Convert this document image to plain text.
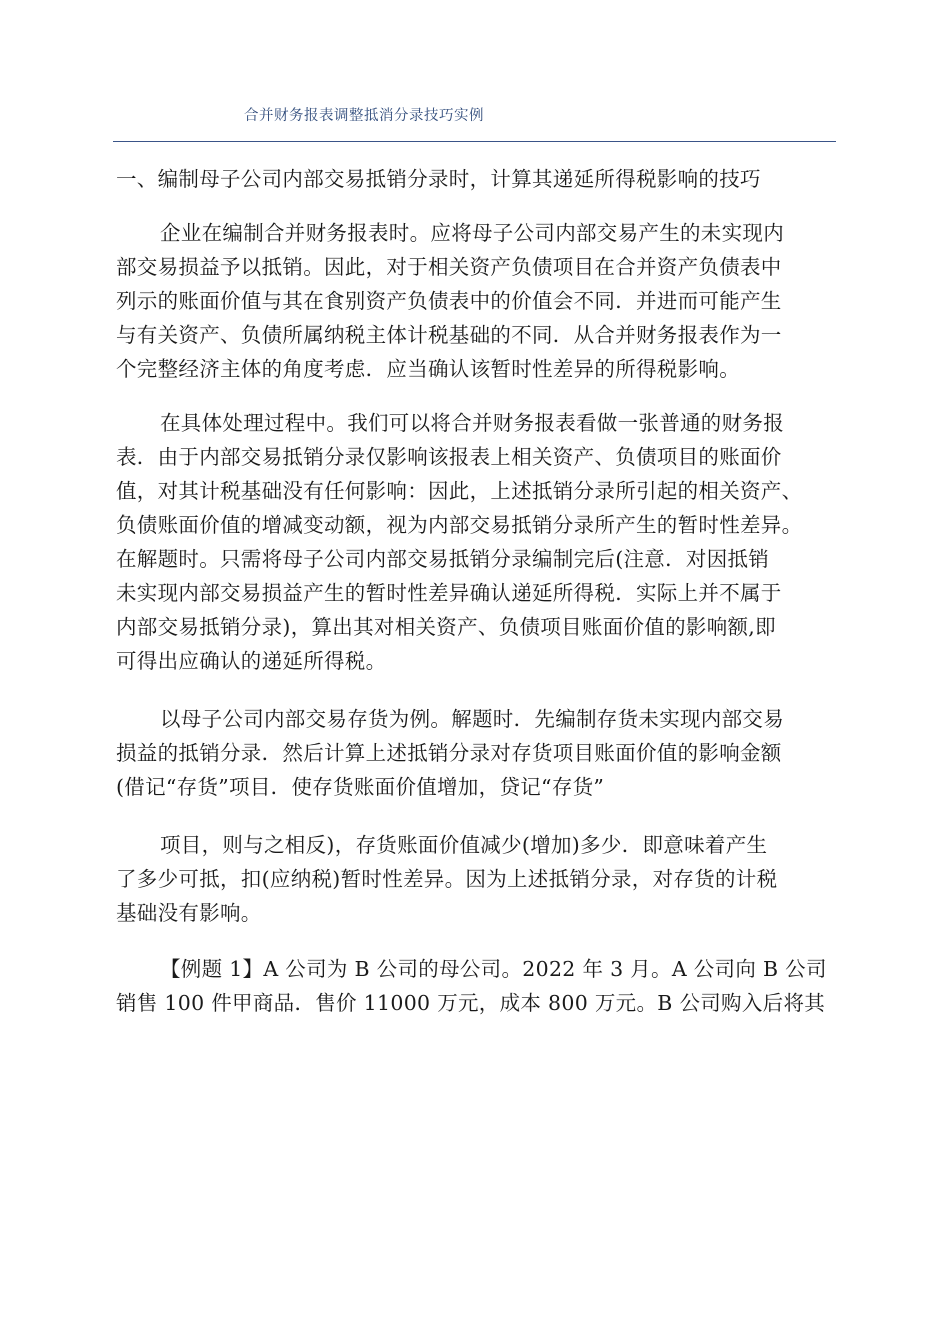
合并财务报表调整抵消分录技巧实例
一、编制母子公司内部交易抵销分录时，计算其递延所得税影响的技巧
企业在编制合并财务报表时。应将母子公司内部交易产生的未实现内
部交易损益予以抵销。因此，对于相关资产负债项目在合并资产负债表中
列示的账面价值与其在食别资产负债表中的价值会不同．并进而可能产生
与有关资产、负债所属纳税主体计税基础的不同．从合并财务报表作为一
个完整经济主体的角度考虑．应当确认该暂时性差异的所得税影响。
在具体处理过程中。我们可以将合并财务报表看做一张普通的财务报
表．由于内部交易抵销分录仅影响该报表上相关资产、负债项目的账面价
值，对其计税基础没有任何影响：因此，上述抵销分录所引起的相关资产、
负债账面价值的增减变动额，视为内部交易抵销分录所产生的暂时性差异。
在解题时。只需将母子公司内部交易抵销分录编制完后(注意．对因抵销
未实现内部交易损益产生的暂时性差异确认递延所得税．实际上并不属于
内部交易抵销分录)，算出其对相关资产、负债项目账面价值的影响额,即
可得出应确认的递延所得税。
以母子公司内部交易存货为例。解题时．先编制存货未实现内部交易
损益的抵销分录．然后计算上述抵销分录对存货项目账面价值的影响金额
(借记“存货”项目．使存货账面价值增加，贷记“存货”
项目，则与之相反)，存货账面价值减少(增加)多少．即意味着产生
了多少可抵，扣(应纳税)暂时性差异。因为上述抵销分录，对存货的计税
基础没有影响。
【例题 1】A 公司为 B 公司的母公司。2022 年 3 月。A 公司向 B 公司
销售 100 件甲商品．售价 11000 万元，成本 800 万元。B 公司购入后将其
